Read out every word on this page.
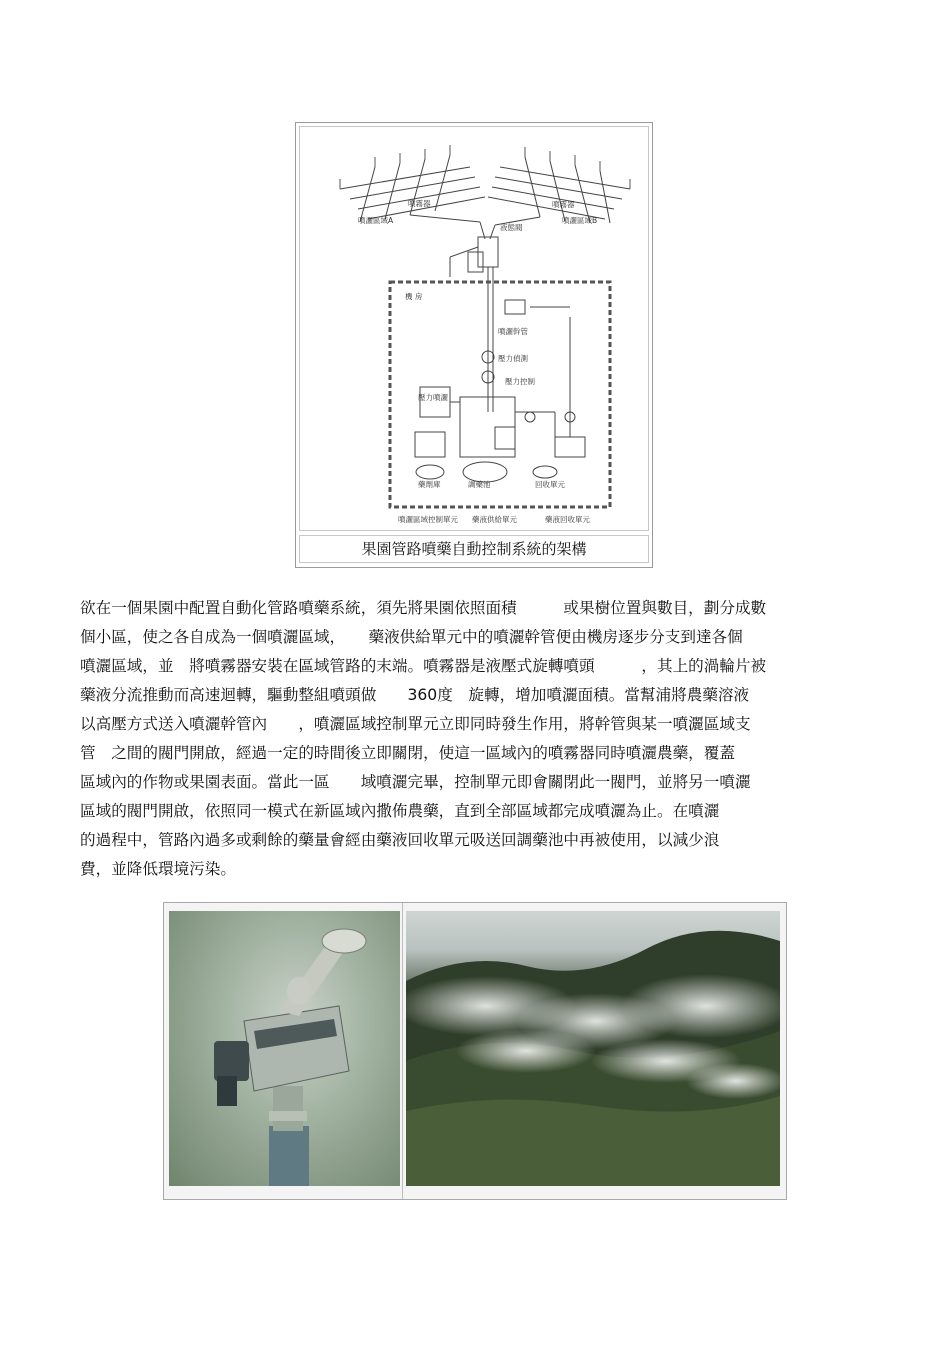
噴灑區域A
噴霧器
噴灑區域B
噴霧器
液態閥
機 房
噴灑幹管
壓力偵測
壓力控制
壓力噴灑
調藥池
藥劑庫	回收單元
噴灑區域控制單元 藥液供給單元	藥液回收單元
果園管路噴藥自動控制系統的架構
欲在一個果園中配置自動化管路噴藥系統，須先將果園依照面積　　　或果樹位置與數目，劃分成數
個小區，使之各自成為一個噴灑區域，　　藥液供給單元中的噴灑幹管便由機房逐步分支到達各個
噴灑區域，並　將噴霧器安裝在區域管路的末端。噴霧器是液壓式旋轉噴頭　　　，其上的渦輪片被
藥液分流推動而高速迴轉，驅動整組噴頭做　　360度　旋轉，增加噴灑面積。當幫浦將農藥溶液
以高壓方式送入噴灑幹管內　　，噴灑區域控制單元立即同時發生作用，將幹管與某一噴灑區域支
管　之間的閥門開啟，經過一定的時間後立即關閉，使這一區域內的噴霧器同時噴灑農藥，覆蓋
區域內的作物或果園表面。當此一區　　域噴灑完畢，控制單元即會關閉此一閥門，並將另一噴灑
區域的閥門開啟，依照同一模式在新區域內撒佈農藥，直到全部區域都完成噴灑為止。在噴灑
的過程中，管路內過多或剩餘的藥量會經由藥液回收單元吸送回調藥池中再被使用，以減少浪
費，並降低環境污染。
